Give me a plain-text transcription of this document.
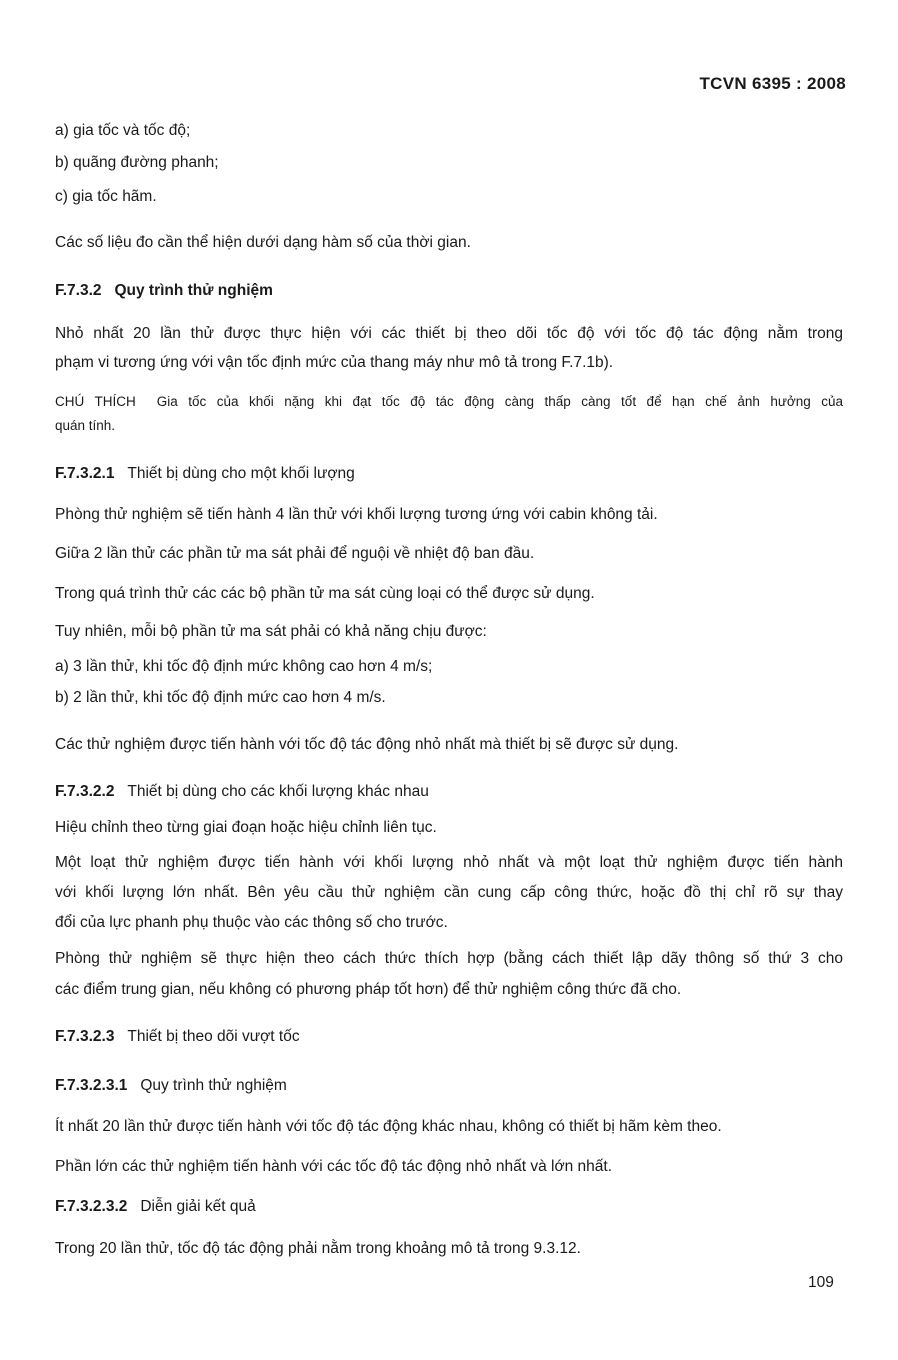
TCVN 6395 : 2008
a) gia tốc và tốc độ;
b) quãng đường phanh;
c) gia tốc hãm.
Các số liệu đo cần thể hiện dưới dạng hàm số của thời gian.
F.7.3.2 Quy trình thử nghiệm
Nhỏ nhất 20 lần thử được thực hiện với các thiết bị theo dõi tốc độ với tốc độ tác động nằm trong
phạm vi tương ứng với vận tốc định mức của thang máy như mô tả trong F.7.1b).
CHÚ THÍCH Gia tốc của khối nặng khi đạt tốc độ tác động càng thấp càng tốt để hạn chế ảnh hưởng của
quán tính.
F.7.3.2.1 Thiết bị dùng cho một khối lượng
Phòng thử nghiệm sẽ tiến hành 4 lần thử với khối lượng tương ứng với cabin không tải.
Giữa 2 lần thử các phần tử ma sát phải để nguội về nhiệt độ ban đầu.
Trong quá trình thử các các bộ phần tử ma sát cùng loại có thể được sử dụng.
Tuy nhiên, mỗi bộ phần tử ma sát phải có khả năng chịu được:
a) 3 lần thử, khi tốc độ định mức không cao hơn 4 m/s;
b) 2 lần thử, khi tốc độ định mức cao hơn 4 m/s.
Các thử nghiệm được tiến hành với tốc độ tác động nhỏ nhất mà thiết bị sẽ được sử dụng.
F.7.3.2.2 Thiết bị dùng cho các khối lượng khác nhau
Hiệu chỉnh theo từng giai đoạn hoặc hiệu chỉnh liên tục.
Một loạt thử nghiệm được tiến hành với khối lượng nhỏ nhất và một loạt thử nghiệm được tiến hành
với khối lượng lớn nhất. Bên yêu cầu thử nghiệm cần cung cấp công thức, hoặc đồ thị chỉ rõ sự thay
đổi của lực phanh phụ thuộc vào các thông số cho trước.
Phòng thử nghiệm sẽ thực hiện theo cách thức thích hợp (bằng cách thiết lập dãy thông số thứ 3 cho
các điểm trung gian, nếu không có phương pháp tốt hơn) để thử nghiệm công thức đã cho.
F.7.3.2.3 Thiết bị theo dõi vượt tốc
F.7.3.2.3.1 Quy trình thử nghiệm
Ít nhất 20 lần thử được tiến hành với tốc độ tác động khác nhau, không có thiết bị hãm kèm theo.
Phần lớn các thử nghiệm tiến hành với các tốc độ tác động nhỏ nhất và lớn nhất.
F.7.3.2.3.2 Diễn giải kết quả
Trong 20 lần thử, tốc độ tác động phải nằm trong khoảng mô tả trong 9.3.12.
109
